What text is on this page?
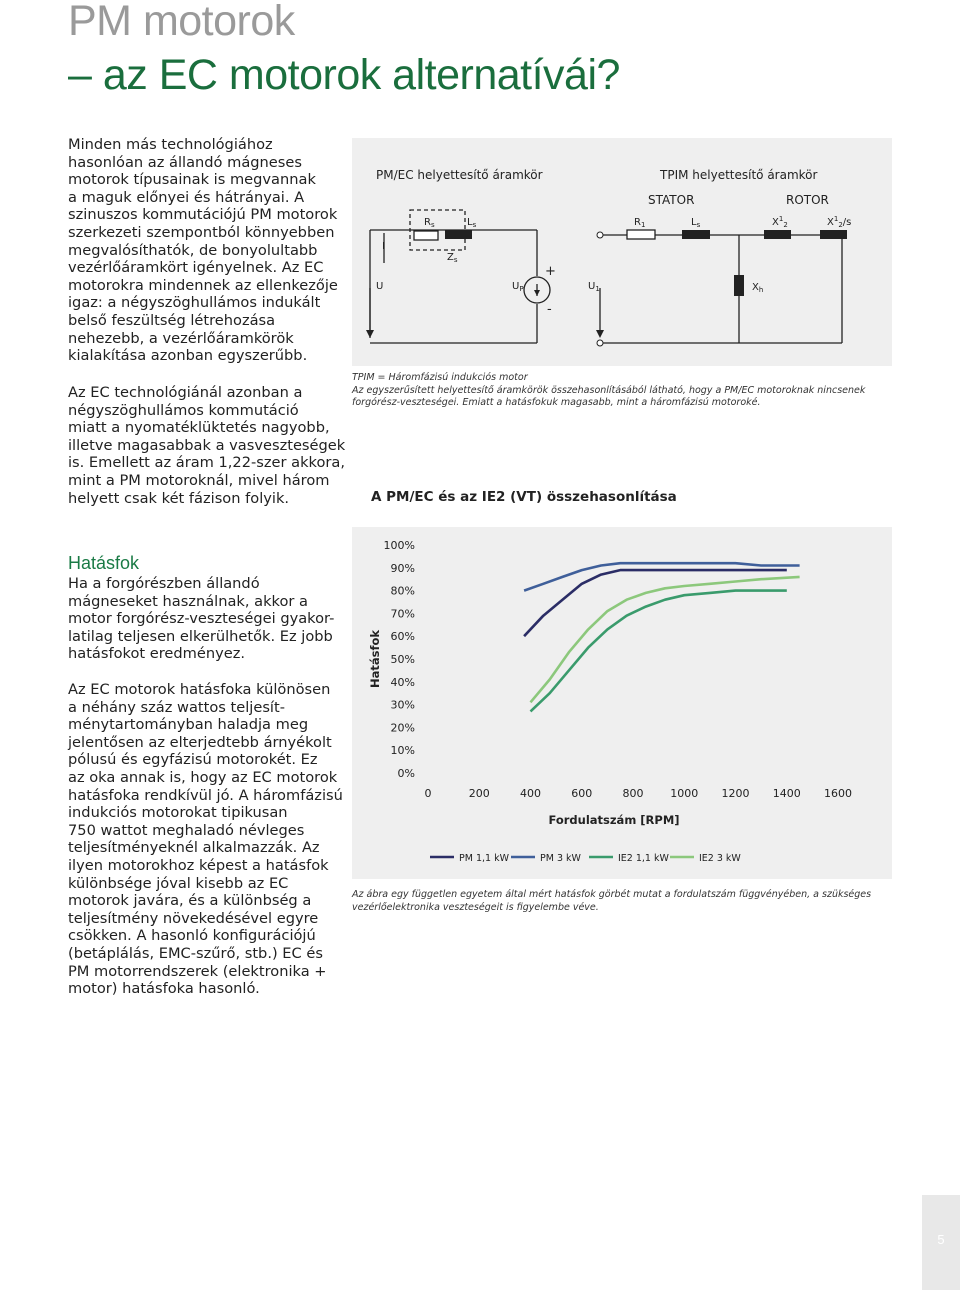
PM motorok
– az EC motorok alternatívái?

Minden más technológiához
hasonlóan az állandó mágneses
motorok típusainak is megvannak
a maguk előnyei és hátrányai. A
szinuszos kommutációjú PM motorok
szerkezeti szempontból könnyebben
megvalósíthatók, de bonyolultabb
vezérlőáramkört igényelnek. Az EC
motorokra mindennek az ellenkezője
igaz: a négyszöghullámos indukált
belső feszültség létrehozása
nehezebb, a vezérlőáramkörök
kialakítása azonban egyszerűbb.

Az EC technológiánál azonban a
négyszöghullámos kommutáció
miatt a nyomatéklüktetés nagyobb,
illetve magasabbak a vasveszteségek
is. Emellett az áram 1,22-szer akkora,
mint a PM motoroknál, mivel három
helyett csak két fázison folyik.

Hatásfok

Ha a forgórészben állandó
mágneseket használnak, akkor a
motor forgórész-veszteségei gyakor-
latilag teljesen elkerülhetők. Ez jobb
hatásfokot eredményez.

Az EC motorok hatásfoka különösen
a néhány száz wattos teljesít-
ménytartományban haladja meg
jelentősen az elterjedtebb árnyékolt
pólusú és egyfázisú motorokét. Ez
az oka annak is, hogy az EC motorok
hatásfoka rendkívül jó. A háromfázisú
indukciós motorokat tipikusan
750 wattot meghaladó névleges
teljesítményeknél alkalmazzák. Az
ilyen motorokhoz képest a hatásfok
különbsége jóval kisebb az EC
motorok javára, és a különbség a
teljesítmény növekedésével egyre
csökken. A hasonló konfigurációjú
(betáplálás, EMC-szűrő, stb.) EC és
PM motorrendszerek (elektronika +
motor) hatásfoka hasonló.

PM/EC helyettesítő áramkör	TPIM helyettesítő áramkör
STATOR	ROTOR
I
U
$R_s$	$L_s$
$Z_s$
$U_P$
+
-
$U_1$
$R_1$	$L_s$	$X^1_2$	$X^1_2/s$
$X_h$
TPIM = Háromfázisú indukciós motor
Az egyszerűsített helyettesítő áramkörök összehasonlításából látható, hogy a PM/EC motoroknak nincsenek
forgórész-veszteségei. Emiatt a hatásfokuk magasabb, mint a háromfázisú motoroké.
A PM/EC és az IE2 (VT) összehasonlítása
0%
10%
20%
30%
40%
50%
60%
70%
80%
90%
100%
0	200	400	600	800 1000 1200 1400 1600
Fordulatszám [RPM]
Hatásfok
PM 1,1 kW	PM 3 kW	IE2 1,1 kW	IE2 3 kW
Az ábra egy független egyetem által mért hatásfok görbét mutat a fordulatszám függvényében, a szükséges
vezérlőelektronika veszteségeit is figyelembe véve.
5
